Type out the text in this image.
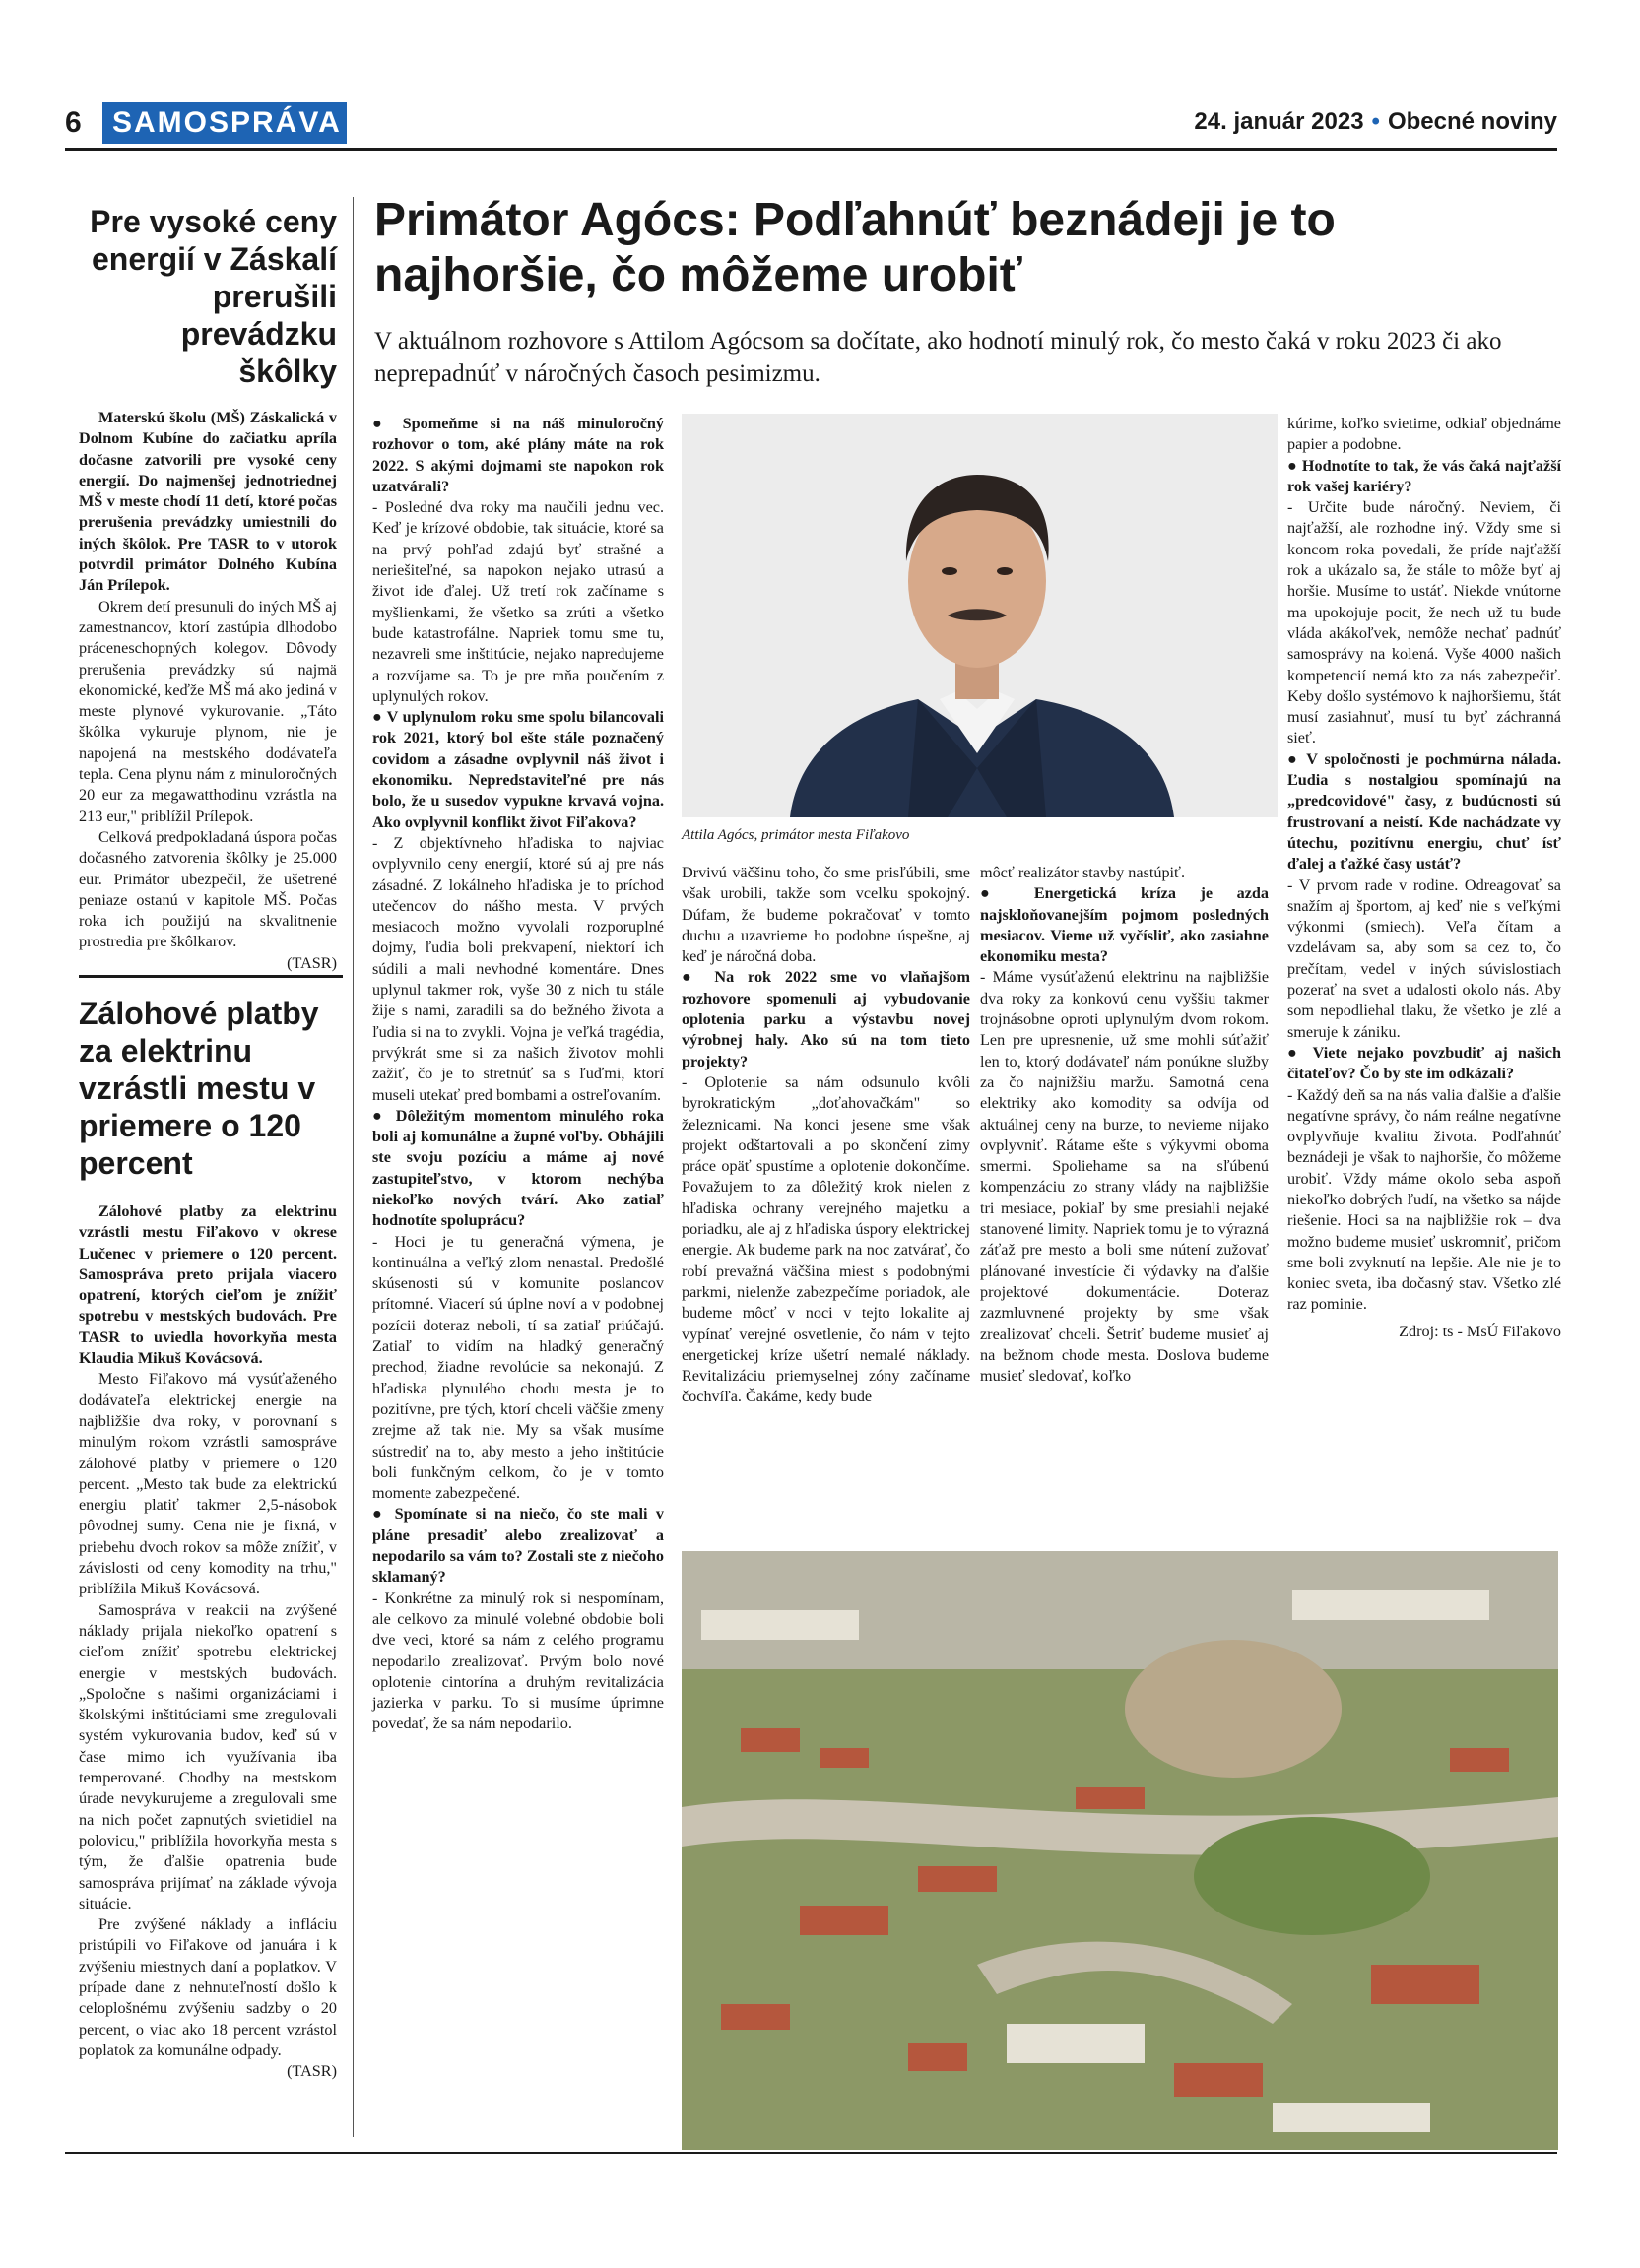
6	SAMOSPRÁVA	24. január 2023 • Obecné noviny
Pre vysoké ceny energií v Záskalí prerušili prevádzku škôlky

Materskú školu (MŠ) Záskalická v Dolnom Kubíne do začiatku apríla dočasne zatvorili pre vysoké ceny energií. Do najmenšej jednotriednej MŠ v meste chodí 11 detí, ktoré počas prerušenia prevádzky umiestnili do iných škôlok. Pre TASR to v utorok potvrdil primátor Dolného Kubína Ján Prílepok.

Okrem detí presunuli do iných MŠ aj zamestnancov, ktorí zastúpia dlhodobo práceneschopných kolegov. Dôvody prerušenia prevádzky sú najmä ekonomické, keďže MŠ má ako jediná v meste plynové vykurovanie. „Táto škôlka vykuruje plynom, nie je napojená na mestského dodávateľa tepla. Cena plynu nám z minuloročných 20 eur za megawatthodinu vzrástla na 213 eur," priblížil Prílepok.

Celková predpokladaná úspora počas dočasného zatvorenia škôlky je 25.000 eur. Primátor ubezpečil, že ušetrené peniaze ostanú v kapitole MŠ. Počas roka ich použijú na skvalitnenie prostredia pre škôlkarov.

(TASR)

Zálohové platby za elektrinu vzrástli mestu v priemere o 120 percent

Zálohové platby za elektrinu vzrástli mestu Fiľakovo v okrese Lučenec v priemere o 120 percent. Samospráva preto prijala viacero opatrení, ktorých cieľom je znížiť spotrebu v mestských budovách. Pre TASR to uviedla hovorkyňa mesta Klaudia Mikuš Kovácsová.

Mesto Fiľakovo má vysúťaženého dodávateľa elektrickej energie na najbližšie dva roky, v porovnaní s minulým rokom vzrástli samospráve zálohové platby v priemere o 120 percent. „Mesto tak bude za elektrickú energiu platiť takmer 2,5-násobok pôvodnej sumy. Cena nie je fixná, v priebehu dvoch rokov sa môže znížiť, v závislosti od ceny komodity na trhu," priblížila Mikuš Kovácsová.

Samospráva v reakcii na zvýšené náklady prijala niekoľko opatrení s cieľom znížiť spotrebu elektrickej energie v mestských budovách. „Spoločne s našimi organizáciami i školskými inštitúciami sme zregulovali systém vykurovania budov, keď sú v čase mimo ich využívania iba temperované. Chodby na mestskom úrade nevykurujeme a zregulovali sme na nich počet zapnutých svietidiel na polovicu," priblížila hovorkyňa mesta s tým, že ďalšie opatrenia bude samospráva prijímať na základe vývoja situácie.

Pre zvýšené náklady a infláciu pristúpili vo Fiľakove od januára i k zvýšeniu miestnych daní a poplatkov. V prípade dane z nehnuteľností došlo k celoplošnému zvýšeniu sadzby o 20 percent, o viac ako 18 percent vzrástol poplatok za komunálne odpady.

(TASR)

Primátor Agócs: Podľahnúť beznádeji je to najhoršie, čo môžeme urobiť

V aktuálnom rozhovore s Attilom Agócsom sa dočítate, ako hodnotí minulý rok, čo mesto čaká v roku 2023 či ako neprepadnúť v náročných časoch pesimizmu.

● Spomeňme si na náš minuloročný rozhovor o tom, aké plány máte na rok 2022. S akými dojmami ste napokon rok uzatvárali?

- Posledné dva roky ma naučili jednu vec. Keď je krízové obdobie, tak situácie, ktoré sa na prvý pohľad zdajú byť strašné a neriešiteľné, sa napokon nejako utrasú a život ide ďalej. Už tretí rok začíname s myšlienkami, že všetko sa zrúti a všetko bude katastrofálne. Napriek tomu sme tu, nezavreli sme inštitúcie, nejako napredujeme a rozvíjame sa. To je pre mňa poučením z uplynulých rokov.

● V uplynulom roku sme spolu bilancovali rok 2021, ktorý bol ešte stále poznačený covidom a zásadne ovplyvnil náš život i ekonomiku. Nepredstaviteľné pre nás bolo, že u susedov vypukne krvavá vojna. Ako ovplyvnil konflikt život Fiľakova?

- Z objektívneho hľadiska to najviac ovplyvnilo ceny energií, ktoré sú aj pre nás zásadné. Z lokálneho hľadiska je to príchod utečencov do nášho mesta. V prvých mesiacoch možno vyvolali rozporuplné dojmy, ľudia boli prekvapení, niektorí ich súdili a mali nevhodné komentáre. Dnes uplynul takmer rok, vyše 30 z nich tu stále žije s nami, zaradili sa do bežného života a ľudia si na to zvykli. Vojna je veľká tragédia, prvýkrát sme si za našich životov mohli zažiť, čo je to stretnúť sa s ľuďmi, ktorí museli utekať pred bombami a ostreľovaním.

● Dôležitým momentom minulého roka boli aj komunálne a župné voľby. Obhájili ste svoju pozíciu a máme aj nové zastupiteľstvo, v ktorom nechýba niekoľko nových tvárí. Ako zatiaľ hodnotíte spoluprácu?

- Hoci je tu generačná výmena, je kontinuálna a veľký zlom nenastal. Predošlé skúsenosti sú v komunite poslancov prítomné. Viacerí sú úplne noví a v podobnej pozícii doteraz neboli, tí sa zatiaľ priúčajú. Zatiaľ to vidím na hladký generačný prechod, žiadne revolúcie sa nekonajú. Z hľadiska plynulého chodu mesta je to pozitívne, pre tých, ktorí chceli väčšie zmeny zrejme až tak nie. My sa však musíme sústrediť na to, aby mesto a jeho inštitúcie boli funkčným celkom, čo je v tomto momente zabezpečené.

● Spomínate si na niečo, čo ste mali v pláne presadiť alebo zrealizovať a nepodarilo sa vám to? Zostali ste z niečoho sklamaný?

- Konkrétne za minulý rok si nespomínam, ale celkovo za minulé volebné obdobie boli dve veci, ktoré sa nám z celého programu nepodarilo zrealizovať. Prvým bolo nové oplotenie cintorína a druhým revitalizácia jazierka v parku. To si musíme úprimne povedať, že sa nám nepodarilo.

Attila Agócs, primátor mesta Fiľakovo

Drvivú väčšinu toho, čo sme prisľúbili, sme však urobili, takže som vcelku spokojný. Dúfam, že budeme pokračovať v tomto duchu a uzavrieme ho podobne úspešne, aj keď je náročná doba.

● Na rok 2022 sme vo vlaňajšom rozhovore spomenuli aj vybudovanie oplotenia parku a výstavbu novej výrobnej haly. Ako sú na tom tieto projekty?

- Oplotenie sa nám odsunulo kvôli byrokratickým „doťahovačkám" so železnicami. Na konci jesene sme však projekt odštartovali a po skončení zimy práce opäť spustíme a oplotenie dokončíme. Považujem to za dôležitý krok nielen z hľadiska ochrany verejného majetku a poriadku, ale aj z hľadiska úspory elektrickej energie. Ak budeme park na noc zatvárať, čo robí prevažná väčšina miest s podobnými parkmi, nielenže zabezpečíme poriadok, ale budeme môcť v noci v tejto lokalite aj vypínať verejné osvetlenie, čo nám v tejto energetickej kríze ušetrí nemalé náklady. Revitalizáciu priemyselnej zóny začíname čochvíľa. Čakáme, kedy bude

môcť realizátor stavby nastúpiť.

● Energetická kríza je azda najskloňovanejším pojmom posledných mesiacov. Vieme už vyčísliť, ako zasiahne ekonomiku mesta?

- Máme vysúťaženú elektrinu na najbližšie dva roky za konkovú cenu vyššiu takmer trojnásobne oproti uplynulým dvom rokom. Len pre upresnenie, už sme mohli súťažiť len to, ktorý dodávateľ nám ponúkne služby za čo najnižšiu maržu. Samotná cena elektriky ako komodity sa odvíja od aktuálnej ceny na burze, to nevieme nijako ovplyvniť. Rátame ešte s výkyvmi oboma smermi. Spoliehame sa na sľúbenú kompenzáciu zo strany vlády na najbližšie tri mesiace, pokiaľ by sme presiahli nejaké stanovené limity. Napriek tomu je to výrazná záťaž pre mesto a boli sme nútení zužovať plánované investície či výdavky na ďalšie projektové dokumentácie. Doteraz zazmluvnené projekty by sme však zrealizovať chceli. Šetriť budeme musieť aj na bežnom chode mesta. Doslova budeme musieť sledovať, koľko

kúrime, koľko svietime, odkiaľ objednáme papier a podobne.

● Hodnotíte to tak, že vás čaká najťažší rok vašej kariéry?

- Určite bude náročný. Neviem, či najťažší, ale rozhodne iný. Vždy sme si koncom roka povedali, že príde najťažší rok a ukázalo sa, že stále to môže byť aj horšie. Musíme to ustáť. Niekde vnútorne ma upokojuje pocit, že nech už tu bude vláda akákoľvek, nemôže nechať padnúť samosprávy na kolená. Vyše 4000 našich kompetencií nemá kto za nás zabezpečiť. Keby došlo systémovo k najhoršiemu, štát musí zasiahnuť, musí tu byť záchranná sieť.

● V spoločnosti je pochmúrna nálada. Ľudia s nostalgiou spomínajú na „predcovidové" časy, z budúcnosti sú frustrovaní a neistí. Kde nachádzate vy útechu, pozitívnu energiu, chuť ísť ďalej a ťažké časy ustáť?

- V prvom rade v rodine. Odreagovať sa snažím aj športom, aj keď nie s veľkými výkonmi (smiech). Veľa čítam a vzdelávam sa, aby som sa cez to, čo prečítam, vedel v iných súvislostiach pozerať na svet a udalosti okolo nás. Aby som nepodliehal tlaku, že všetko je zlé a smeruje k zániku.

● Viete nejako povzbudiť aj našich čitateľov? Čo by ste im odkázali?

- Každý deň sa na nás valia ďalšie a ďalšie negatívne správy, čo nám reálne negatívne ovplyvňuje kvalitu života. Podľahnúť beznádeji je však to najhoršie, čo môžeme urobiť. Vždy máme okolo seba aspoň niekoľko dobrých ľudí, na všetko sa nájde riešenie. Hoci sa na najbližšie rok – dva možno budeme musieť uskromniť, pričom sme boli zvyknutí na lepšie. Ale nie je to koniec sveta, iba dočasný stav. Všetko zlé raz pominie.

Zdroj: ts - MsÚ Fiľakovo
